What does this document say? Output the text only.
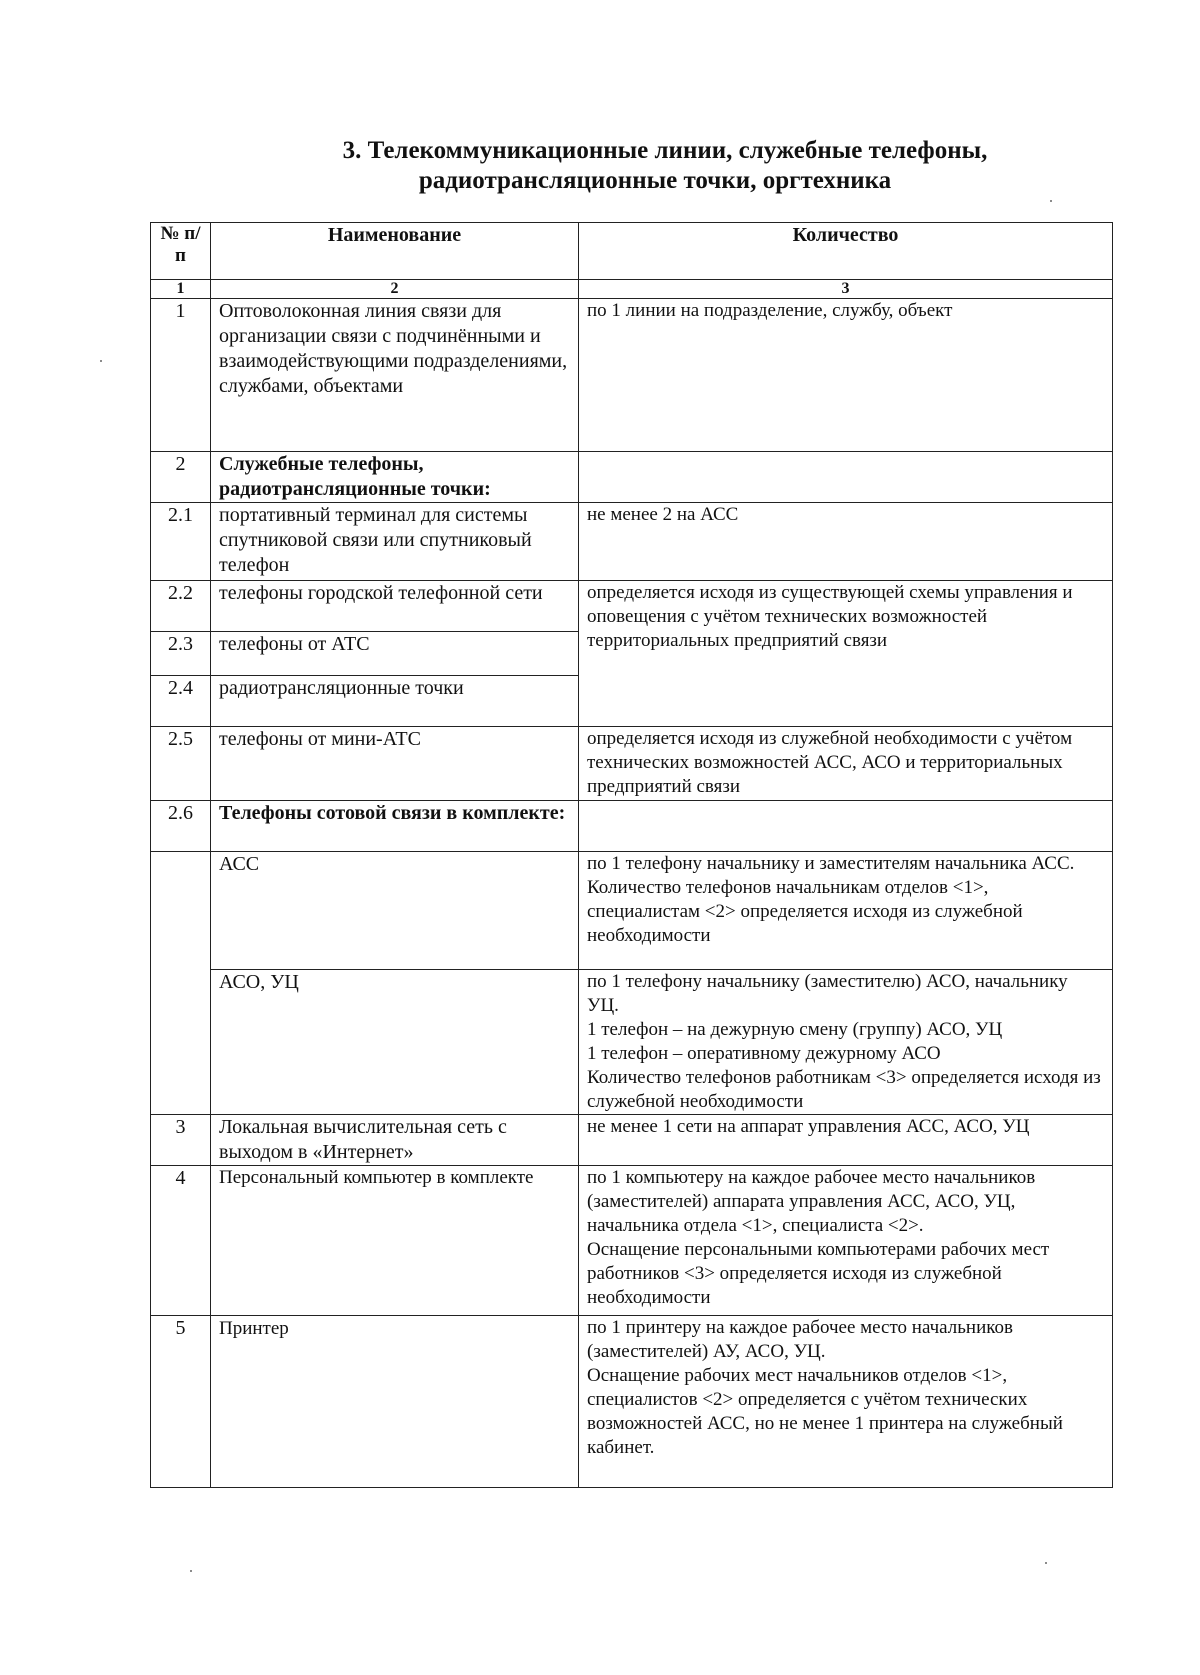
3. Телекоммуникационные линии, служебные телефоны,
радиотрансляционные точки, оргтехника
№ п/п	Наименование	Количество
1	2	3
1	Оптоволоконная линия связи для организации связи с подчинёнными и взаимодействующими подразделениями, службами, объектами	по 1 линии на подразделение, службу, объект
2	Служебные телефоны, радиотрансляционные точки:	
2.1	портативный терминал для системы спутниковой связи или спутниковый телефон	не менее 2 на АСС
2.2	телефоны городской телефонной сети	определяется исходя из существующей схемы управления и оповещения с учётом технических возможностей территориальных предприятий связи
2.3	телефоны от АТС	
2.4	радиотрансляционные точки	
2.5	телефоны от мини-АТС	определяется исходя из служебной необходимости с учётом технических возможностей АСС, АСО и территориальных предприятий связи
2.6	Телефоны сотовой связи в комплекте:	
	АСС	по 1 телефону начальнику и заместителям начальника АСС.
Количество телефонов начальникам отделов <1>, специалистам <2> определяется исходя из служебной необходимости

	АСО, УЦ	по 1 телефону начальнику (заместителю) АСО, начальнику УЦ.
1 телефон – на дежурную смену (группу) АСО, УЦ
1 телефон – оперативному дежурному АСО
Количество телефонов работникам <3> определяется исходя из служебной необходимости

3	Локальная вычислительная сеть с выходом в «Интернет»	не менее 1 сети на аппарат управления АСС, АСО, УЦ
4	Персональный компьютер в комплекте	по 1 компьютеру на каждое рабочее место начальников (заместителей) аппарата управления АСС, АСО, УЦ, начальника отдела <1>, специалиста <2>.
Оснащение персональными компьютерами рабочих мест работников <3> определяется исходя из служебной необходимости

5	Принтер	по 1 принтеру на каждое рабочее место начальников (заместителей) АУ, АСО, УЦ.
Оснащение рабочих мест начальников отделов <1>, специалистов <2> определяется с учётом технических возможностей АСС, но не менее 1 принтера на служебный кабинет.
